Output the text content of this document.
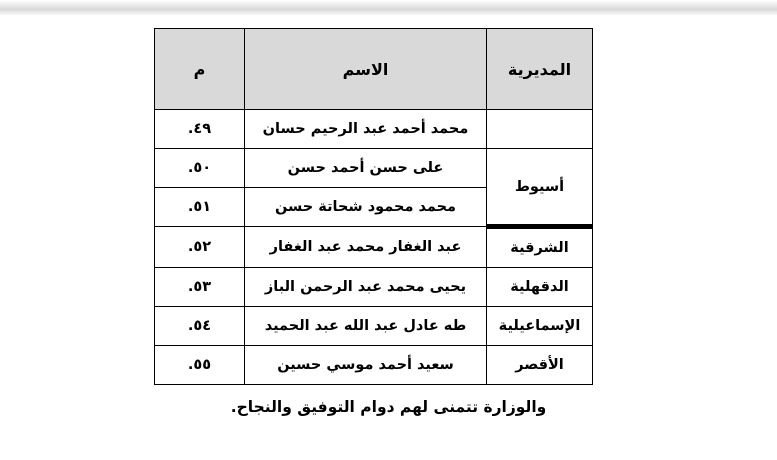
المديرية	الاسم	م
	محمد أحمد عبد الرحيم حسان	٤٩.
أسيوط	على حسن أحمد حسن	٥٠.
	محمد محمود شحاتة حسن	٥١.
الشرقية	عبد الغفار محمد عبد الغفار	٥٢.
الدقهلية	يحيى محمد عبد الرحمن الباز	٥٣.
الإسماعيلية	طه عادل عبد الله عبد الحميد	٥٤.
الأقصر	سعيد أحمد موسي حسين	٥٥.
والوزارة تتمنى لهم دوام التوفيق والنجاح.
